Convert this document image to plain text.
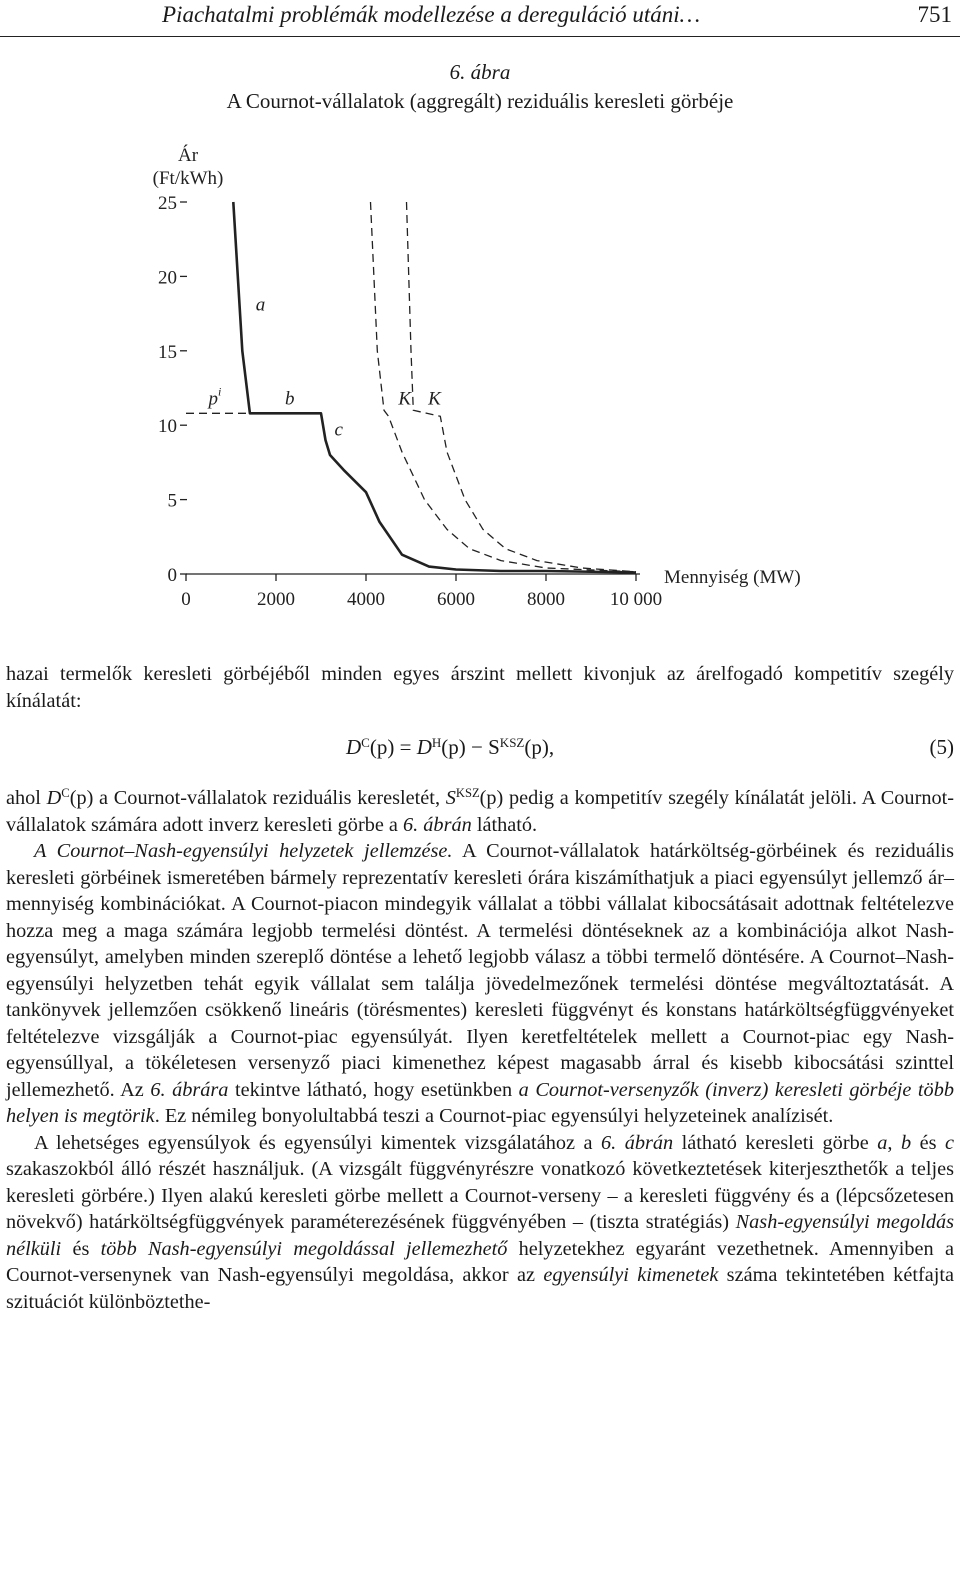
Piachatalmi problémák modellezése a dereguláció utáni…	751
6. ábra
A Cournot-vállalatok (aggregált) reziduális keresleti görbéje
0
5
10
15
20
25
0	2000	4000	6000	8000 10 000
Ár
(Ft/kWh)
Mennyiség (MW)
a
$p^i$	b
c
K K

hazai termelők keresleti görbéjéből minden egyes árszint mellett kivonjuk az árelfogadó kompetitív szegély kínálatát:

$D^C(p) = D^H(p) - S^{KSZ}(p)$,	(5)

ahol $D^C(p)$ a Cournot-vállalatok reziduális keresletét, $S^{KSZ}(p)$ pedig a kompetitív szegély kínálatát jelöli. A Cournot-vállalatok számára adott inverz keresleti görbe a 6. ábrán látható.

A Cournot–Nash-egyensúlyi helyzetek jellemzése. A Cournot-vállalatok határköltség-görbéinek és reziduális keresleti görbéinek ismeretében bármely reprezentatív keresleti órára kiszámíthatjuk a piaci egyensúlyt jellemző ár–mennyiség kombinációkat. A Cournot-piacon mindegyik vállalat a többi vállalat kibocsátásait adottnak feltételezve hozza meg a maga számára legjobb termelési döntést. A termelési döntéseknek az a kombinációja alkot Nash-egyensúlyt, amelyben minden szereplő döntése a lehető legjobb válasz a többi termelő döntésére. A Cournot–Nash-egyensúlyi helyzetben tehát egyik vállalat sem találja jövedelmezőnek termelési döntése megváltoztatását. A tankönyvek jellemzően csökkenő lineáris (törésmentes) keresleti függvényt és konstans határköltségfüggvényeket feltételezve vizsgálják a Cournot-piac egyensúlyát. Ilyen keretfeltételek mellett a Cournot-piac egy Nash-egyensúllyal, a tökéletesen versenyző piaci kimenethez képest magasabb árral és kisebb kibocsátási szinttel jellemezhető. Az 6. ábrára tekintve látható, hogy esetünkben a Cournot-versenyzők (inverz) keresleti görbéje több helyen is megtörik. Ez némileg bonyolultabbá teszi a Cournot-piac egyensúlyi helyzeteinek analízisét.

A lehetséges egyensúlyok és egyensúlyi kimentek vizsgálatához a 6. ábrán látható keresleti görbe a, b és c szakaszokból álló részét használjuk. (A vizsgált függvényrészre vonatkozó következtetések kiterjeszthetők a teljes keresleti görbére.) Ilyen alakú keresleti görbe mellett a Cournot-verseny – a keresleti függvény és a (lépcsőzetesen növekvő) határköltségfüggvények paraméterezésének függvényében – (tiszta stratégiás) Nash-egyensúlyi megoldás nélküli és több Nash-egyensúlyi megoldással jellemezhető helyzetekhez egyaránt vezethetnek. Amennyiben a Cournot-versenynek van Nash-egyensúlyi megoldása, akkor az egyensúlyi kimenetek száma tekintetében kétfajta szituációt különböztethe-
